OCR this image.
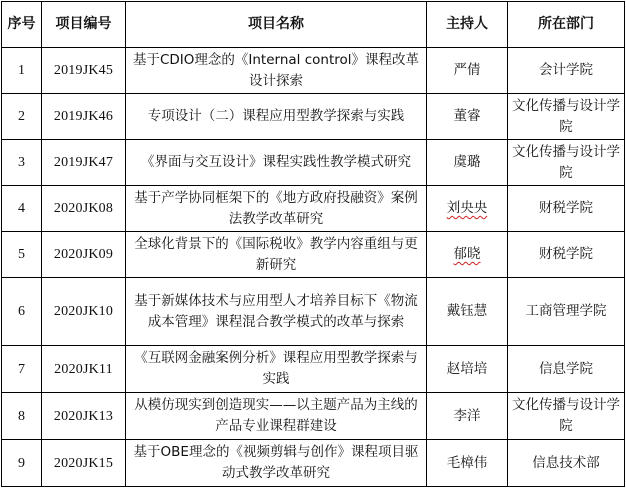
序号	项目编号	项目名称	主持人	所在部门
1	2019JK45	基于CDIO理念的《Internal control》课程改革设计探索	严倩	会计学院
2	2019JK46	专项设计（二）课程应用型教学探索与实践	董睿	文化传播与设计学院
3	2019JK47	《界面与交互设计》课程实践性教学模式研究	虞璐	文化传播与设计学院
4	2020JK08	基于产学协同框架下的《地方政府投融资》案例法教学改革研究	刘央央	财税学院
5	2020JK09	全球化背景下的《国际税收》教学内容重组与更新研究	郁晓	财税学院
6	2020JK10	基于新媒体技术与应用型人才培养目标下《物流成本管理》课程混合教学模式的改革与探索	戴钰慧	工商管理学院
7	2020JK11	《互联网金融案例分析》课程应用型教学探索与实践	赵培培	信息学院
8	2020JK13	从模仿现实到创造现实——以主题产品为主线的产品专业课程群建设	李洋	文化传播与设计学院
9	2020JK15	基于OBE理念的《视频剪辑与创作》课程项目驱动式教学改革研究	毛樟伟	信息技术部
